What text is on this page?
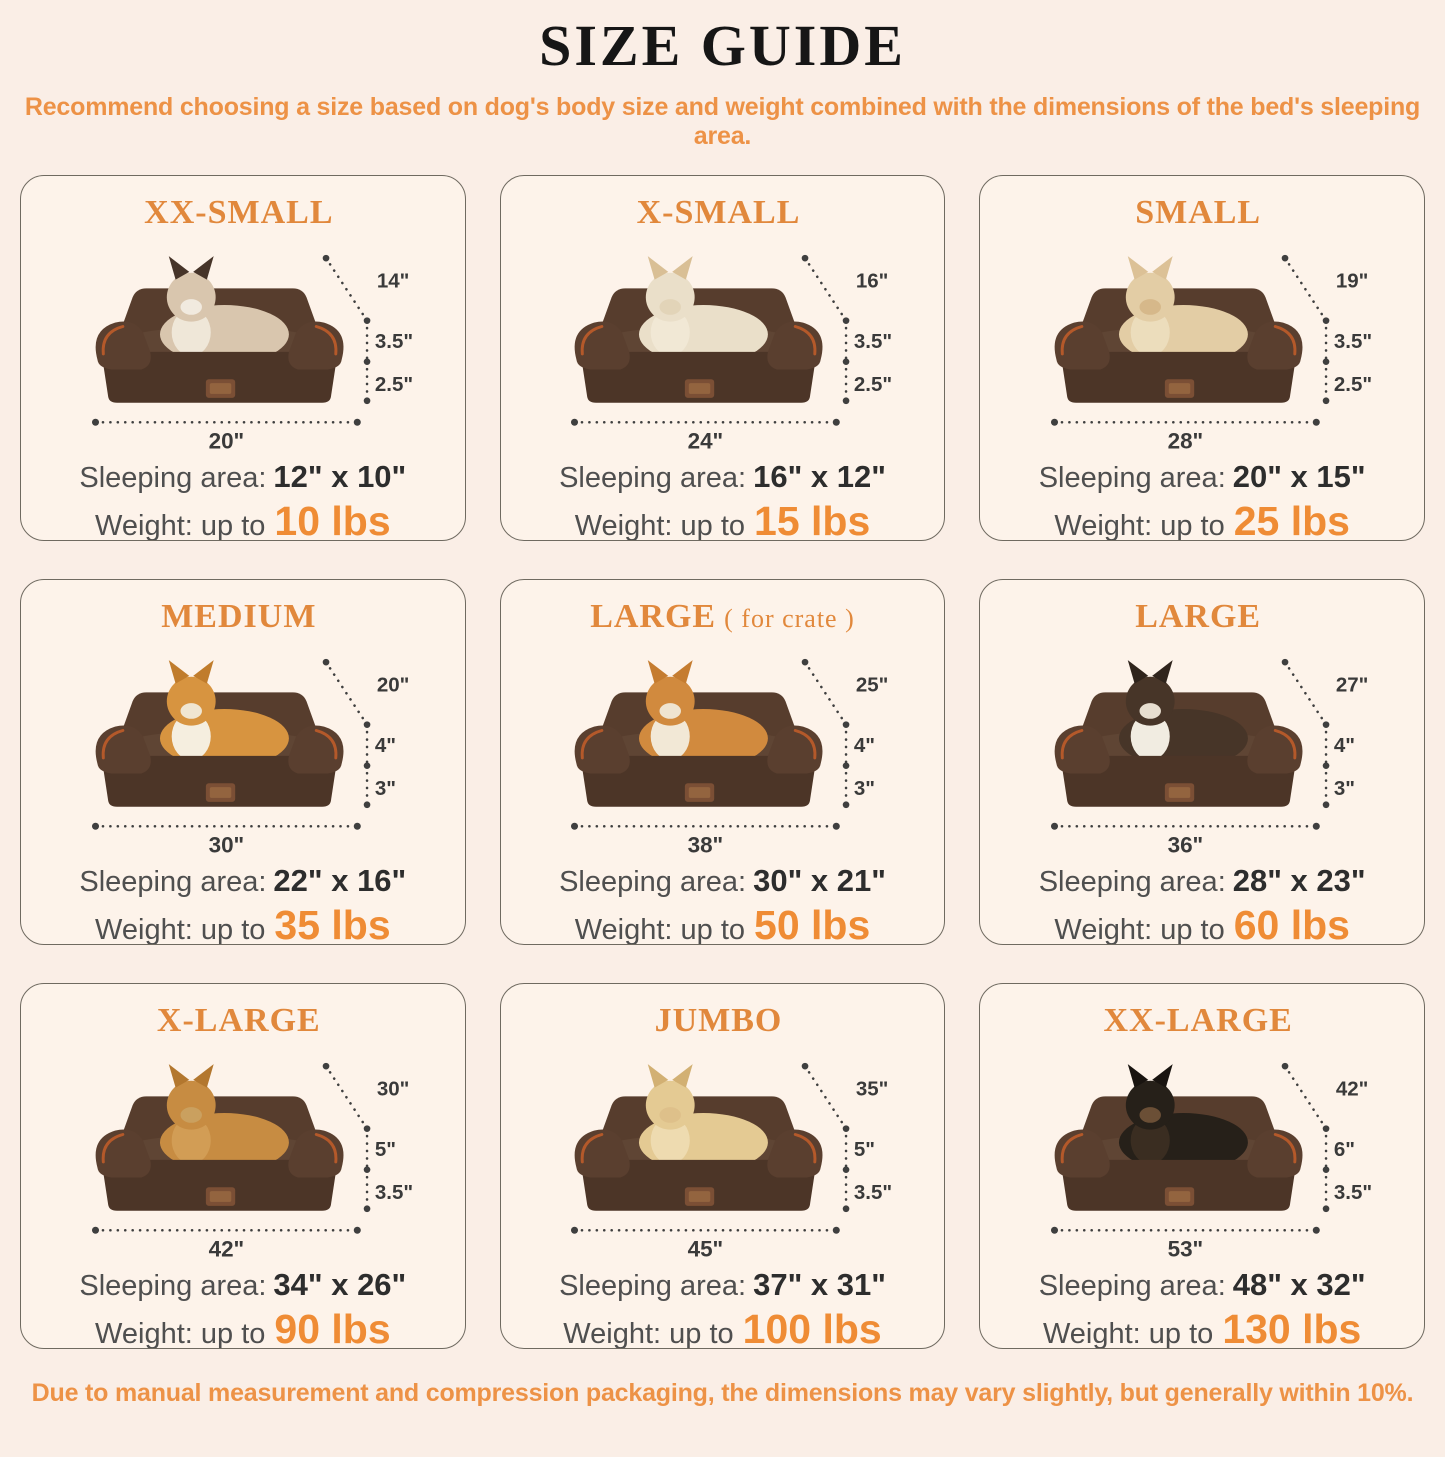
SIZE GUIDE

Recommend choosing a size based on dog's body size and weight combined with the dimensions of the bed's sleeping area.

XX-SMALL
14"
3.5"
2.5"
20"

Sleeping area: 12" x 10"

Weight: up to 10 lbs

X-SMALL
16"
3.5"
2.5"
24"

Sleeping area: 16" x 12"

Weight: up to 15 lbs

SMALL
19"
3.5"
2.5"
28"

Sleeping area: 20" x 15"

Weight: up to 25 lbs

MEDIUM
20"
4"
3"
30"

Sleeping area: 22" x 16"

Weight: up to 35 lbs

LARGE ( for crate )
25"
4"
3"
38"

Sleeping area: 30" x 21"

Weight: up to 50 lbs

LARGE
27"
4"
3"
36"

Sleeping area: 28" x 23"

Weight: up to 60 lbs

X-LARGE
30"
5"
3.5"
42"

Sleeping area: 34" x 26"

Weight: up to 90 lbs

JUMBO
35"
5"
3.5"
45"

Sleeping area: 37" x 31"

Weight: up to 100 lbs

XX-LARGE
42"
6"
3.5"
53"

Sleeping area: 48" x 32"

Weight: up to 130 lbs

Due to manual measurement and compression packaging, the dimensions may vary slightly, but generally within 10%.
